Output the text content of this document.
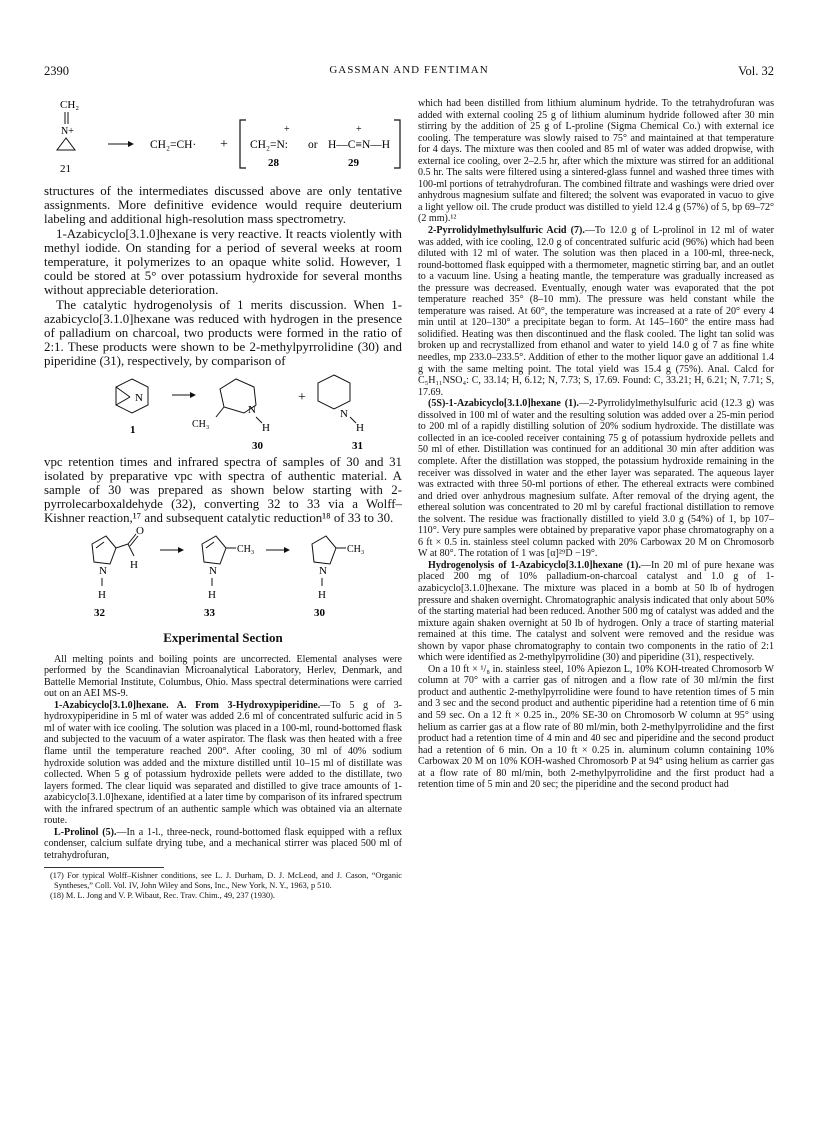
2390	GASSMAN AND FENTIMAN	Vol. 32
CH₂
N+
21
CH₂=CH· +
+
CH₂=N: or
+
H—C≡N—H
28	29

structures of the intermediates discussed above are only tentative assignments. More definitive evidence would require deuterium labeling and additional high-resolution mass spectrometry.

1-Azabicyclo[3.1.0]hexane is very reactive. It reacts violently with methyl iodide. On standing for a period of several weeks at room temperature, it polymerizes to an opaque white solid. However, 1 could be stored at 5° over potassium hydroxide for several months without appreciable deterioration.

The catalytic hydrogenolysis of 1 merits discussion. When 1-azabicyclo[3.1.0]hexane was reduced with hydrogen in the presence of palladium on charcoal, two products were formed in the ratio of 2:1. These products were shown to be 2-methylpyrrolidine (30) and piperidine (31), respectively, by comparison of

N
1
N
CH₃	H
30
+
N
H
31

vpc retention times and infrared spectra of samples of 30 and 31 isolated by preparative vpc with spectra of authentic material. A sample of 30 was prepared as shown below starting with 2-pyrrolecarboxaldehyde (32), converting 32 to 33 via a Wolff–Kishner reaction,¹⁷ and subsequent catalytic reduction¹⁸ of 33 to 30.

N
O
H
H
32
N
CH₃
H
33
N
CH₃
H
30
Experimental Section

All melting points and boiling points are uncorrected. Elemental analyses were performed by the Scandinavian Microanalytical Laboratory, Herlev, Denmark, and Battelle Memorial Institute, Columbus, Ohio. Mass spectral determinations were carried out on an AEI MS-9.

1-Azabicyclo[3.1.0]hexane. A. From 3-Hydroxypiperidine.—To 5 g of 3-hydroxypiperidine in 5 ml of water was added 2.6 ml of concentrated sulfuric acid in 5 ml of water with ice cooling. The solution was placed in a 100-ml, round-bottomed flask and subjected to the vacuum of a water aspirator. The flask was then heated with a free flame until the temperature reached 200°. After cooling, 30 ml of 40% sodium hydroxide solution was added and the mixture distilled until 10–15 ml of distillate was collected. When 5 g of potassium hydroxide pellets were added to the distillate, two layers formed. The clear liquid was separated and distilled to give trace amounts of 1-azabicyclo[3.1.0]hexane, identified at a later time by comparison of its infrared spectrum with the infrared spectrum of an authentic sample which was obtained via an alternate route.

L-Prolinol (5).—In a 1-l., three-neck, round-bottomed flask equipped with a reflux condenser, calcium sulfate drying tube, and a mechanical stirrer was placed 500 ml of tetrahydrofuran,

(17) For typical Wolff–Kishner conditions, see L. J. Durham, D. J. McLeod, and J. Cason, “Organic Syntheses,” Coll. Vol. IV, John Wiley and Sons, Inc., New York, N. Y., 1963, p 510.

(18) M. L. Jong and V. P. Wibaut, Rec. Trav. Chim., 49, 237 (1930).

which had been distilled from lithium aluminum hydride. To the tetrahydrofuran was added with external cooling 25 g of lithium aluminum hydride followed after 30 min stirring by the addition of 25 g of L-proline (Sigma Chemical Co.) with external ice cooling. The temperature was slowly raised to 75° and maintained at that temperature for 4 days. The mixture was then cooled and 85 ml of water was added dropwise, with external ice cooling, over 2–2.5 hr, after which the mixture was stirred for an additional 0.5 hr. The salts were filtered using a sintered-glass funnel and washed three times with 100-ml portions of tetrahydrofuran. The combined filtrate and washings were dried over anhydrous magnesium sulfate and filtered; the solvent was evaporated in vacuo to give a light yellow oil. The crude product was distilled to yield 12.4 g (57%) of 5, bp 69–72° (2 mm).¹²

2-Pyrrolidylmethylsulfuric Acid (7).—To 12.0 g of L-prolinol in 12 ml of water was added, with ice cooling, 12.0 g of concentrated sulfuric acid (96%) which had been diluted with 12 ml of water. The solution was then placed in a 100-ml, three-neck, round-bottomed flask equipped with a thermometer, magnetic stirring bar, and an outlet to a vacuum line. Using a heating mantle, the temperature was gradually increased as the pressure was decreased. Eventually, enough water was evaporated that the pot temperature reached 35° (8–10 mm). The pressure was held constant while the temperature was raised. At 60°, the temperature was increased at a rate of 20° every 4 min until at 120–130° a precipitate began to form. At 145–160° the entire mass had solidified. Heating was then discontinued and the flask cooled. The light tan solid was broken up and recrystallized from ethanol and water to yield 14.0 g of 7 as fine white needles, mp 233.0–233.5°. Addition of ether to the mother liquor gave an additional 1.4 g with the same melting point. The total yield was 15.4 g (75%). Anal. Calcd for C₅H₁₁NSO₄: C, 33.14; H, 6.12; N, 7.73; S, 17.69. Found: C, 33.21; H, 6.21; N, 7.71; S, 17.69.

(5S)-1-Azabicyclo[3.1.0]hexane (1).—2-Pyrrolidylmethylsulfuric acid (12.3 g) was dissolved in 100 ml of water and the resulting solution was added over a 25-min period to 200 ml of a rapidly distilling solution of 20% sodium hydroxide. The distillate was collected in an ice-cooled receiver containing 75 g of potassium hydroxide pellets and 50 ml of ether. Distillation was continued for an additional 30 min after addition was complete. After the distillation was stopped, the potassium hydroxide remaining in the receiver was dissolved in water and the ether layer was separated. The aqueous layer was extracted with three 50-ml portions of ether. The ethereal extracts were combined and dried over anhydrous magnesium sulfate. After removal of the drying agent, the ethereal solution was concentrated to 20 ml by careful fractional distillation to remove the solvent. The residue was fractionally distilled to yield 3.0 g (54%) of 1, bp 107–110°. Very pure samples were obtained by preparative vapor phase chromatography on a 6 ft × 0.5 in. stainless steel column packed with 20% Carbowax 20 M on Chromosorb W at 80°. The rotation of 1 was [α]²⁹D −19°.

Hydrogenolysis of 1-Azabicyclo[3.1.0]hexane (1).—In 20 ml of pure hexane was placed 200 mg of 10% palladium-on-charcoal catalyst and 1.0 g of 1-azabicyclo[3.1.0]hexane. The mixture was placed in a bomb at 50 lb of hydrogen pressure and shaken overnight. Chromatographic analysis indicated that only about 50% of the starting material had been reduced. Another 500 mg of catalyst was added and the mixture again shaken overnight at 50 lb of hydrogen. Only a trace of starting material remained at this time. The catalyst and solvent were removed and the residue was shown by vapor phase chromatography to contain two components in the ratio of 2:1 which were identified as 2-methylpyrrolidine (30) and piperidine (31), respectively.

On a 10 ft × ¹/₈ in. stainless steel, 10% Apiezon L, 10% KOH-treated Chromosorb W column at 70° with a carrier gas of nitrogen and a flow rate of 30 ml/min the first product and authentic 2-methylpyrrolidine were found to have retention times of 5 min and 3 sec and the second product and authentic piperidine had a retention time of 6 min and 59 sec. On a 12 ft × 0.25 in., 20% SE-30 on Chromosorb W column at 95° using helium as carrier gas at a flow rate of 80 ml/min, both 2-methylpyrrolidine and the first product had a retention time of 4 min and 40 sec and piperidine and the second product had a retention of 6 min. On a 10 ft × 0.25 in. aluminum column containing 10% Carbowax 20 M on 10% KOH-washed Chromosorb P at 94° using helium as carrier gas at a flow rate of 80 ml/min, both 2-methylpyrrolidine and the first product had a retention time of 5 min and 20 sec; the piperidine and the second product had
